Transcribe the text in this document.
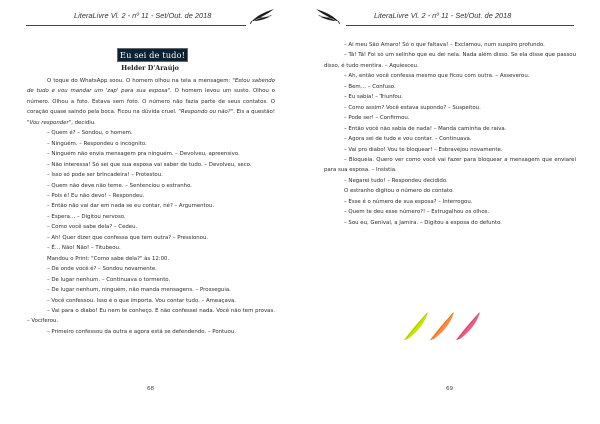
LiteraLivre Vl. 2 - nº 11 - Set/Out. de 2018
Eu sei de tudo!
Helder D'Araújo

O toque do WhatsApp soou. O homem olhou na tela a mensagem: "Estou sabendo de tudo e vou mandar um 'zap' para sua esposa". O homem levou um susto. Olhou o número. Olhou a foto. Estava sem foto. O número não fazia parte de seus contatos. O coração quase saindo pela boca. Ficou na dúvida cruel. "Respondo ou não?". Eis a questão! "Vou responder", decidiu.

– Quem é? – Sondou, o homem.

– Ninguém. – Respondeu o incógnito.

– Ninguém não envia mensagem pra ninguém. – Devolveu, apreensivo.

– Não interessa! Só sei que sua esposa vai saber de tudo. – Devolveu, seco.

– Isso só pode ser brincadeira! – Protestou.

– Quem não deve não teme. – Sentenciou o estranho.

– Pois é! Eu não devo! – Respondeu.

– Então não vai dar em nada se eu contar, né? – Argumentou.

– Espera… – Digitou nervoso.

– Como você sabe dela? – Cedeu.

– Ah! Quer dizer que confessa que tem outra? – Pressionou.

– É… Não! Não! – Titubeou.

Mandou o Print: "Como sabe dela?" às 12:00.

– De onde você é? – Sondou novamente.

– De lugar nenhum. – Continuava o tormento.

– De lugar nenhum, ninguém, não manda mensagens. – Prosseguia.

– Você confessou. Isso é o que importa. Vou contar tudo. – Ameaçava.

– Vai para o diabo! Eu nem te conheço. E não confessei nada. Você não tem provas. – Vociferou.

– Primeiro confessou da outra e agora está se defendendo. – Pontuou.

68
LiteraLivre Vl. 2 - nº 11 - Set/Out. de 2018

– Ai meu São Amaro! Só o que faltava! – Exclamou, num suspiro profundo.

– Tá! Tá! Foi só um selinho que eu dei nela. Nada além disso. Se ela disse que passou disso, é tudo mentira. – Aquiesceu.

– Ah, então você confessa mesmo que ficou com outra. – Asseverou.

– Bem… – Confuso.

– Eu sabia! – Triunfou.

– Como assim? Você estava supondo? – Suspeitou.

– Pode ser! – Confirmou.

– Então você não sabia de nada! – Manda caminha de raiva.

– Agora sei de tudo e vou contar. – Continuava.

– Vai pro diabo! Vou te bloquear! – Esbravejou novamente.

– Bloqueia. Quero ver como você vai fazer para bloquear a mensagem que enviarei para sua esposa. – Insistia.

– Negarei tudo! – Respondeu decidido.

O estranho digitou o número do contato.

– Esse é o número de sua esposa? – Interrogou.

– Quem te deu esse número?! – Estrugalhou os olhos.

– Sou eu, Genival, a Jamira. – Digitou a esposa do defunto.

69
